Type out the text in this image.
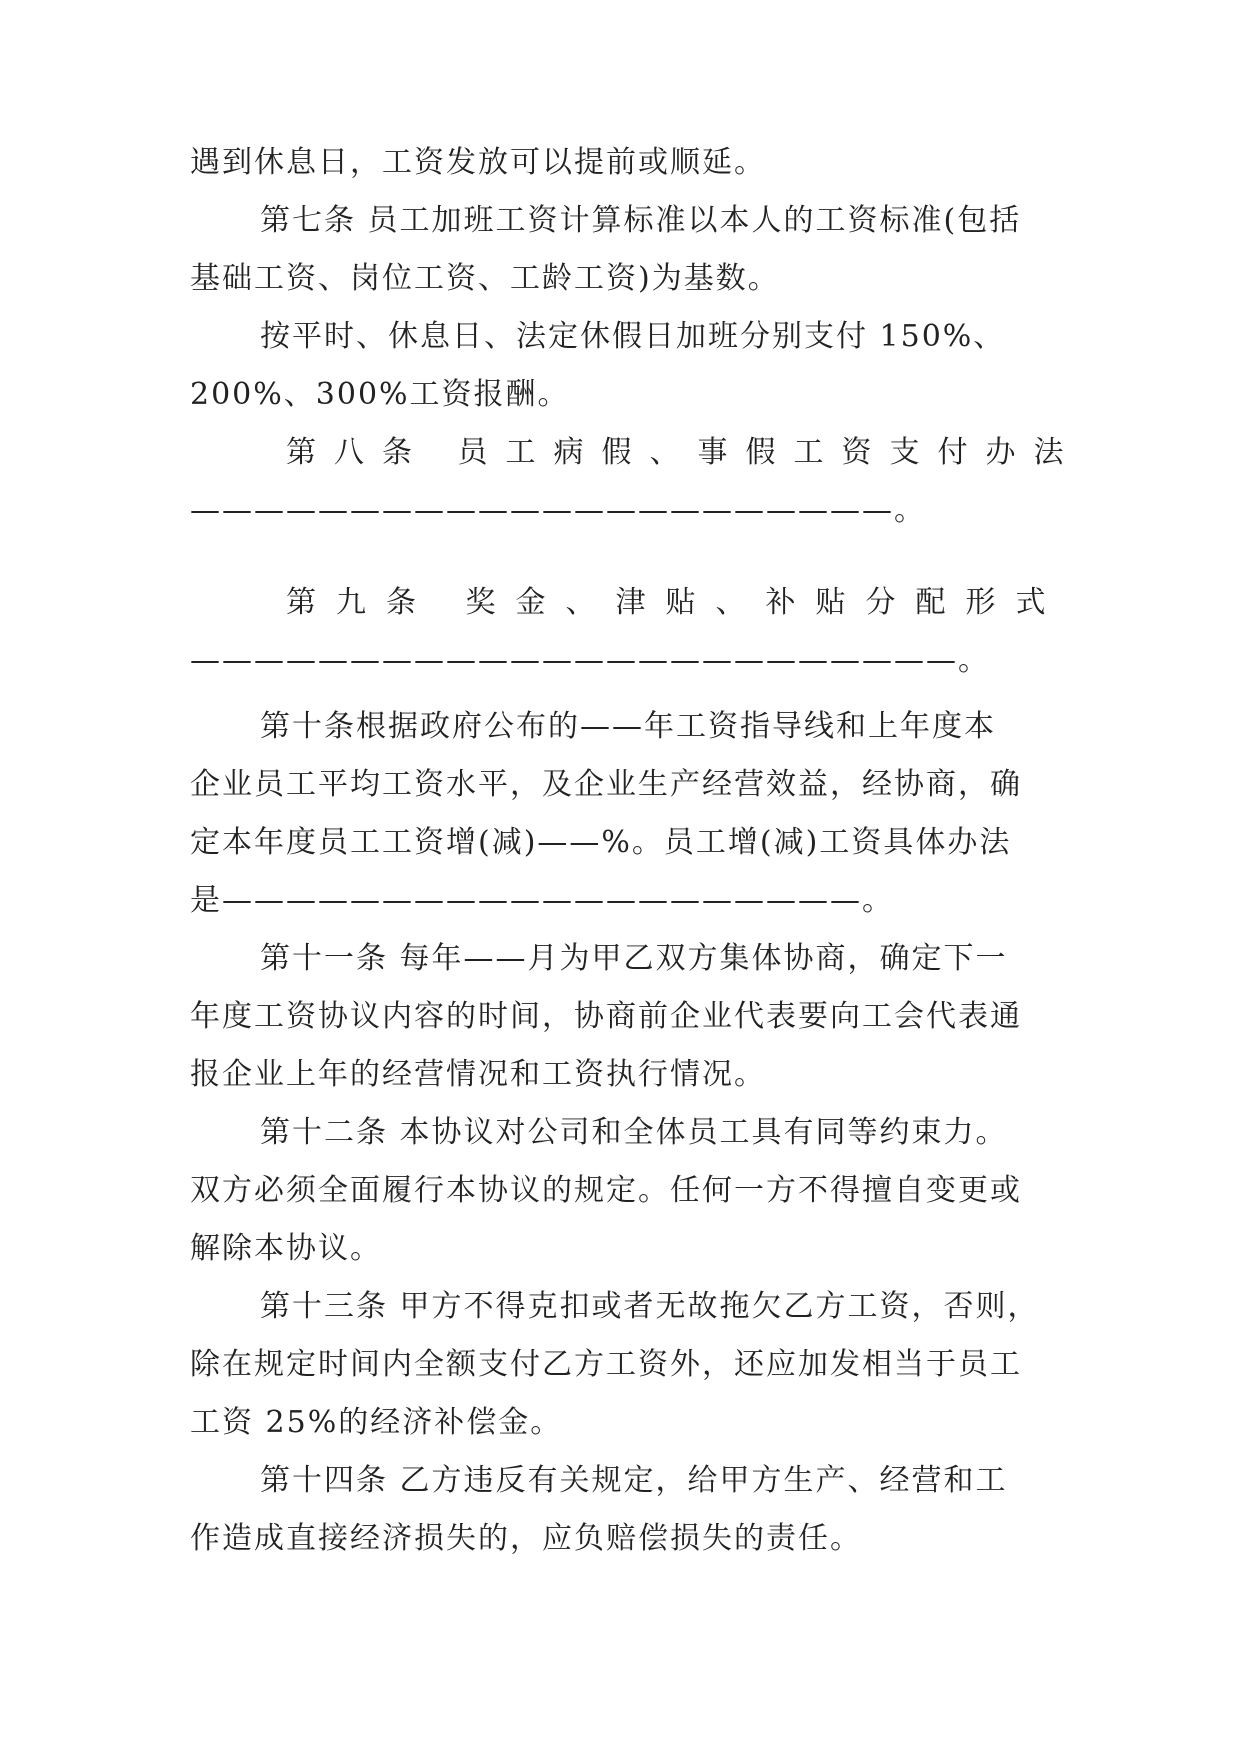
遇到休息日，工资发放可以提前或顺延。
第七条 员工加班工资计算标准以本人的工资标准(包括
基础工资、岗位工资、工龄工资)为基数。
按平时、休息日、法定休假日加班分别支付 150%、
200%、300%工资报酬。
第八条 员工病假、事假工资支付办法
——————————————————————。
第九条 奖金、津贴、补贴分配形式
————————————————————————。
第十条根据政府公布的——年工资指导线和上年度本
企业员工平均工资水平，及企业生产经营效益，经协商，确
定本年度员工工资增(减)——%。员工增(减)工资具体办法
是————————————————————。
第十一条 每年——月为甲乙双方集体协商，确定下一
年度工资协议内容的时间，协商前企业代表要向工会代表通
报企业上年的经营情况和工资执行情况。
第十二条 本协议对公司和全体员工具有同等约束力。
双方必须全面履行本协议的规定。任何一方不得擅自变更或
解除本协议。
第十三条 甲方不得克扣或者无故拖欠乙方工资，否则，
除在规定时间内全额支付乙方工资外，还应加发相当于员工
工资 25%的经济补偿金。
第十四条 乙方违反有关规定，给甲方生产、经营和工
作造成直接经济损失的，应负赔偿损失的责任。
